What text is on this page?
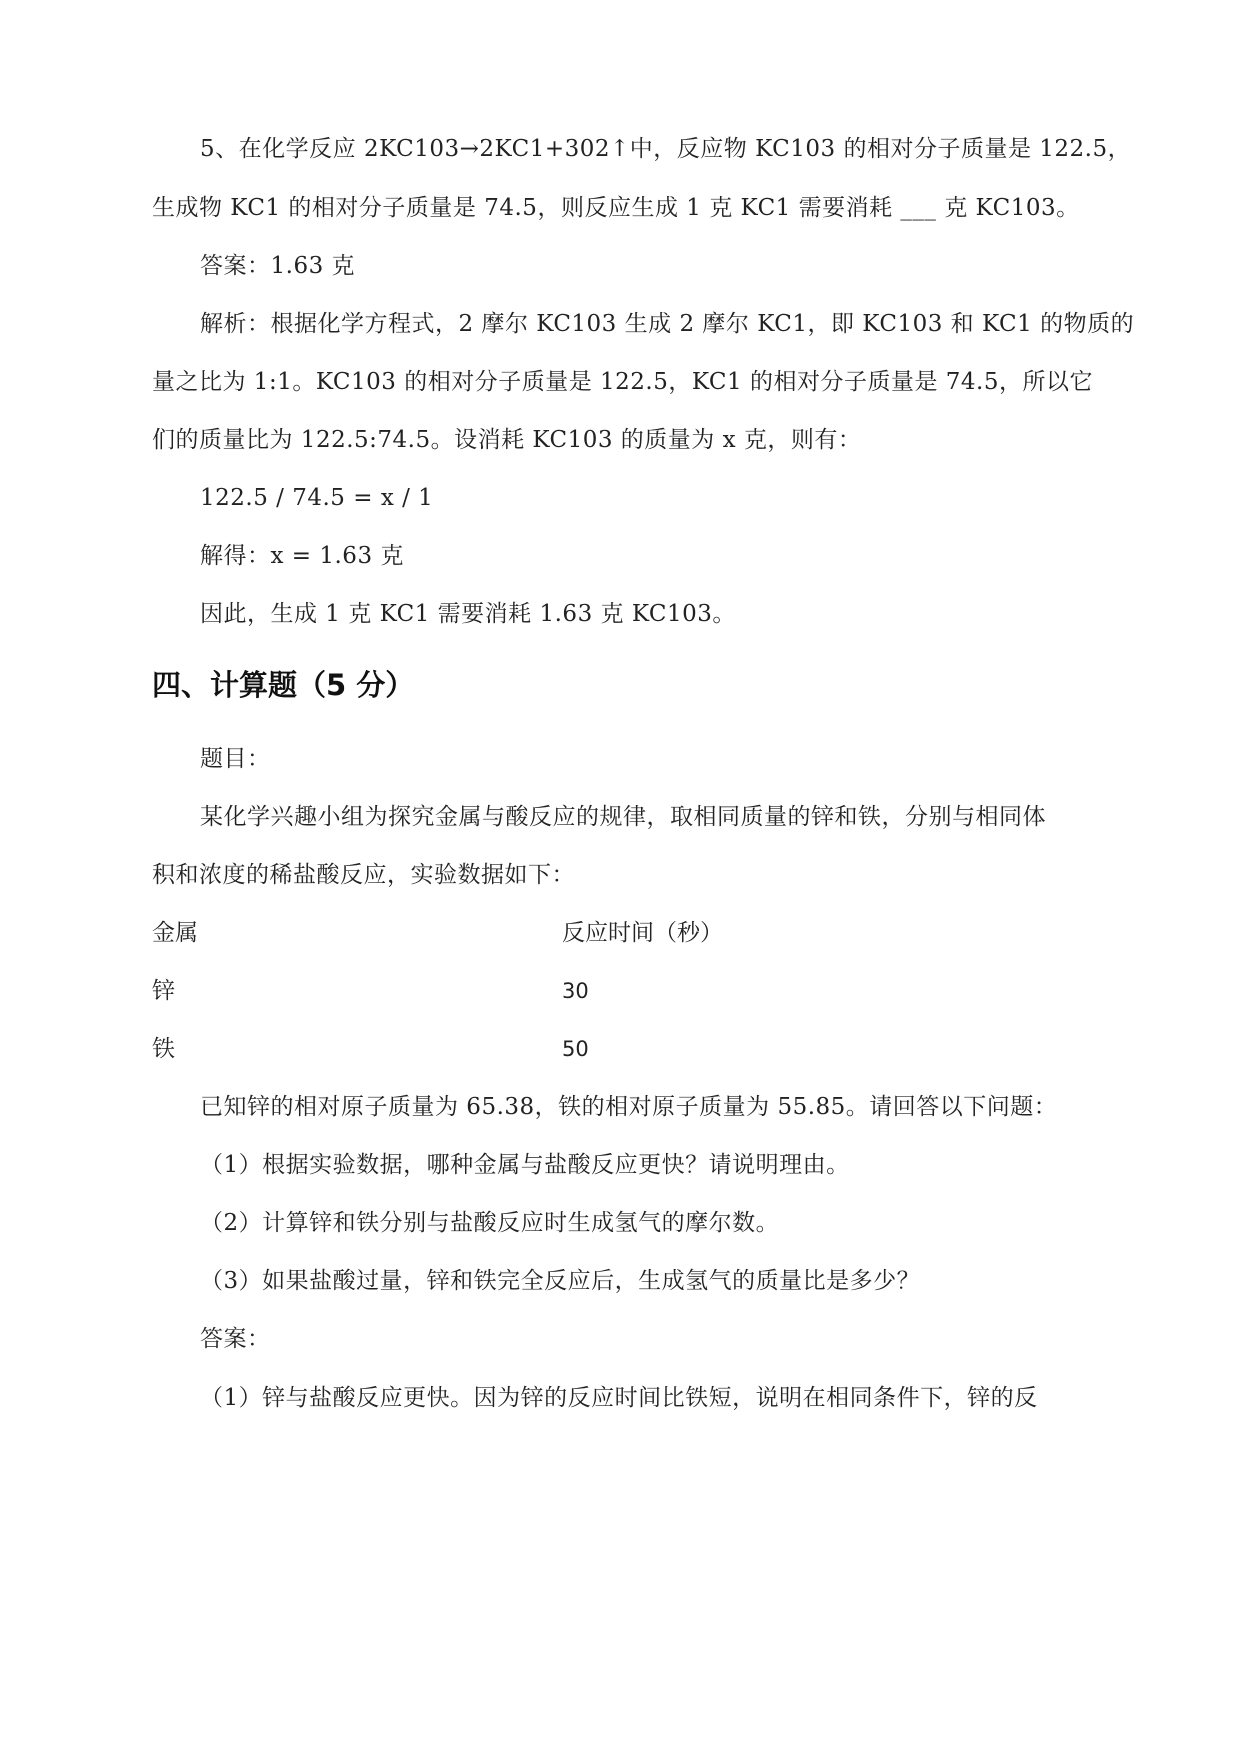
5、在化学反应 2KC103→2KC1+302↑中，反应物 KC103 的相对分子质量是 122.5，
生成物 KC1 的相对分子质量是 74.5，则反应生成 1 克 KC1 需要消耗 ___ 克 KC103。
答案：1.63 克
解析：根据化学方程式，2 摩尔 KC103 生成 2 摩尔 KC1，即 KC103 和 KC1 的物质的
量之比为 1:1。KC103 的相对分子质量是 122.5，KC1 的相对分子质量是 74.5，所以它
们的质量比为 122.5:74.5。设消耗 KC103 的质量为 x 克，则有：
122.5 / 74.5 = x / 1
解得：x = 1.63 克
因此，生成 1 克 KC1 需要消耗 1.63 克 KC103。
四、计算题（5 分）
题目：
某化学兴趣小组为探究金属与酸反应的规律，取相同质量的锌和铁，分别与相同体
积和浓度的稀盐酸反应，实验数据如下：
金属	反应时间（秒）
锌	30
铁	50
已知锌的相对原子质量为 65.38，铁的相对原子质量为 55.85。请回答以下问题：
（1）根据实验数据，哪种金属与盐酸反应更快？请说明理由。
（2）计算锌和铁分别与盐酸反应时生成氢气的摩尔数。
（3）如果盐酸过量，锌和铁完全反应后，生成氢气的质量比是多少？
答案：
（1）锌与盐酸反应更快。因为锌的反应时间比铁短，说明在相同条件下，锌的反
